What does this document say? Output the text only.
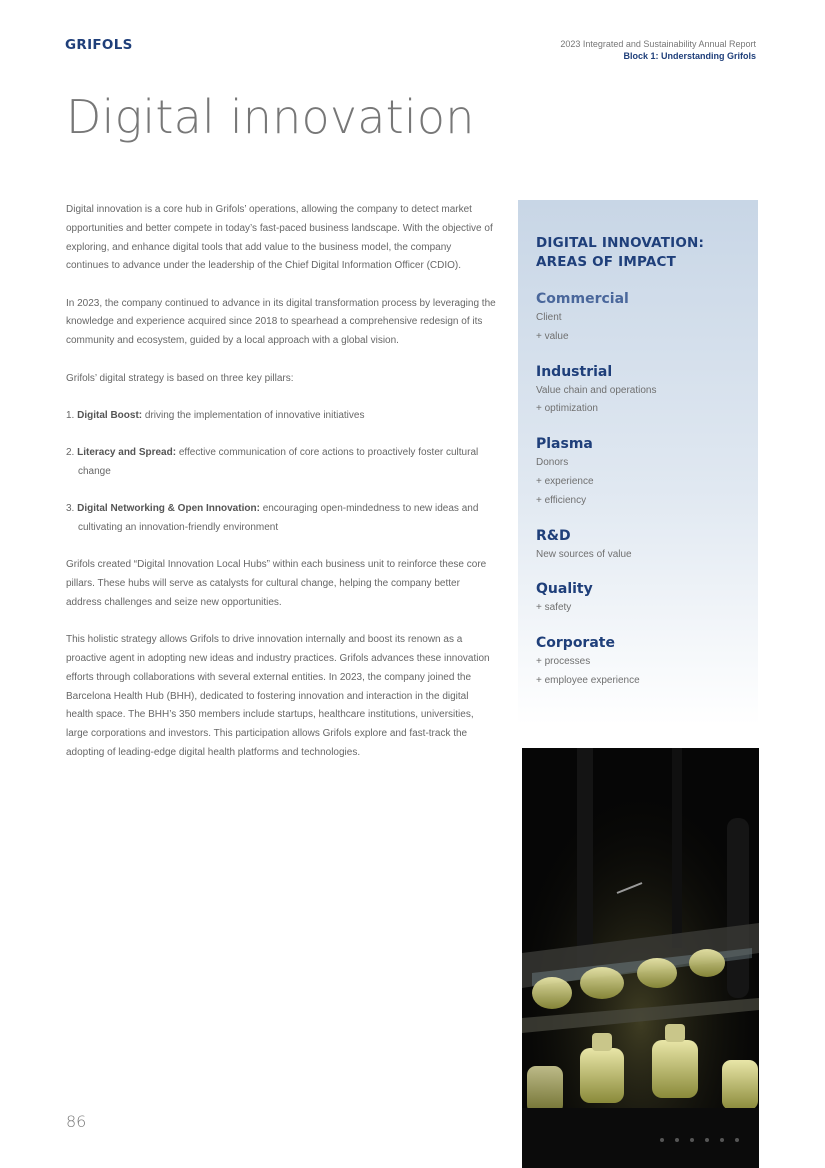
GRIFOLS	2023 Integrated and Sustainability Annual Report
Block 1: Understanding Grifols
Digital innovation

Digital innovation is a core hub in Grifols’ operations, allowing the company to detect market opportunities and better compete in today’s fast-paced business landscape. With the objective of exploring, and enhance digital tools that add value to the business model, the company continues to advance under the leadership of the Chief Digital Information Officer (CDIO).

In 2023, the company continued to advance in its digital transformation process by leveraging the knowledge and experience acquired since 2018 to spearhead a comprehensive redesign of its community and ecosystem, guided by a local approach with a global vision.

Grifols’ digital strategy is based on three key pillars:

1. Digital Boost: driving the implementation of innovative initiatives

2. Literacy and Spread: effective communication of core actions to proactively foster cultural change

3. Digital Networking & Open Innovation: encouraging open-mindedness to new ideas and cultivating an innovation-friendly environment

Grifols created “Digital Innovation Local Hubs” within each business unit to reinforce these core pillars. These hubs will serve as catalysts for cultural change, helping the company better address challenges and seize new opportunities.

This holistic strategy allows Grifols to drive innovation internally and boost its renown as a proactive agent in adopting new ideas and industry practices. Grifols advances these innovation efforts through collaborations with several external entities. In 2023, the company joined the Barcelona Health Hub (BHH), dedicated to fostering innovation and interaction in the digital health space. The BHH’s 350 members include startups, healthcare institutions, universities, large corporations and investors. This participation allows Grifols explore and fast-track the adopting of leading-edge digital health platforms and technologies.

DIGITAL INNOVATION:
AREAS OF IMPACT
Commercial
Client
+ value
Industrial
Value chain and operations
+ optimization
Plasma
Donors
+ experience
+ efficiency
R&D
New sources of value
Quality
+ safety
Corporate
+ processes
+ employee experience
86
